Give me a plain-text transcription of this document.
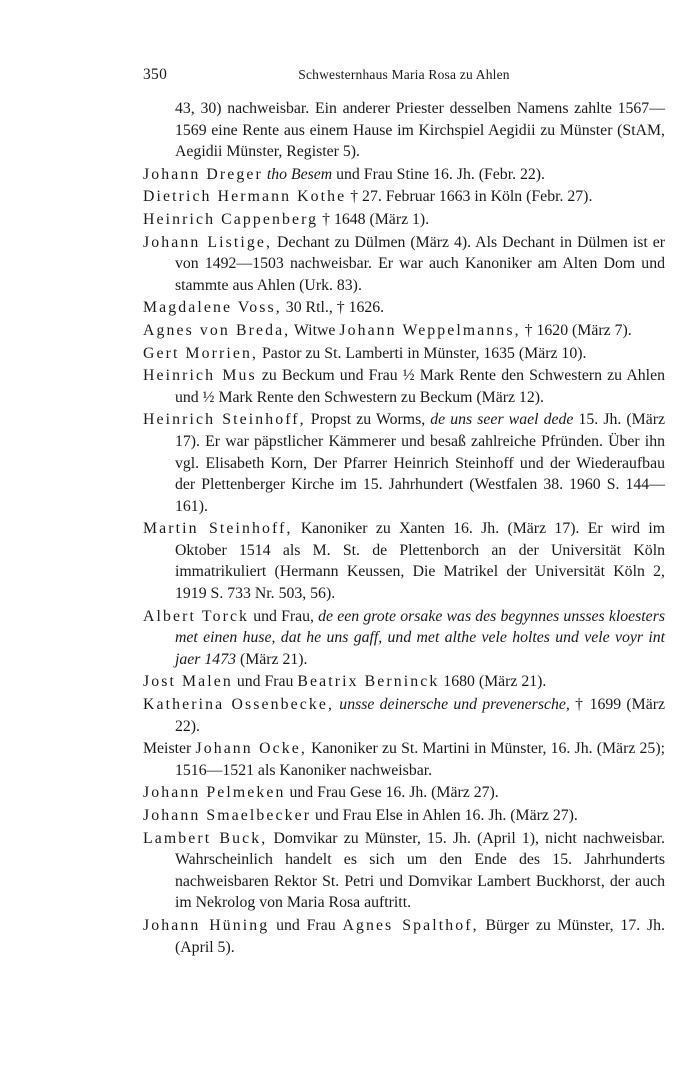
350	Schwesternhaus Maria Rosa zu Ahlen

43, 30) nachweisbar. Ein anderer Priester desselben Namens zahlte 1567—1569 eine Rente aus einem Hause im Kirchspiel Aegidii zu Münster (StAM, Aegidii Münster, Register 5).

Johann Dreger tho Besem und Frau Stine 16. Jh. (Febr. 22).

Dietrich Hermann Kothe † 27. Februar 1663 in Köln (Febr. 27).

Heinrich Cappenberg † 1648 (März 1).

Johann Listige, Dechant zu Dülmen (März 4). Als Dechant in Dülmen ist er von 1492—1503 nachweisbar. Er war auch Kanoniker am Alten Dom und stammte aus Ahlen (Urk. 83).

Magdalene Voss, 30 Rtl., † 1626.

Agnes von Breda, Witwe Johann Weppelmanns, † 1620 (März 7).

Gert Morrien, Pastor zu St. Lamberti in Münster, 1635 (März 10).

Heinrich Mus zu Beckum und Frau ½ Mark Rente den Schwestern zu Ahlen und ½ Mark Rente den Schwestern zu Beckum (März 12).

Heinrich Steinhoff, Propst zu Worms, de uns seer wael dede 15. Jh. (März 17). Er war päpstlicher Kämmerer und besaß zahlreiche Pfründen. Über ihn vgl. Elisabeth Korn, Der Pfarrer Heinrich Steinhoff und der Wiederaufbau der Plettenberger Kirche im 15. Jahrhundert (Westfalen 38. 1960 S. 144—161).

Martin Steinhoff, Kanoniker zu Xanten 16. Jh. (März 17). Er wird im Oktober 1514 als M. St. de Plettenborch an der Universität Köln immatrikuliert (Hermann Keussen, Die Matrikel der Universität Köln 2, 1919 S. 733 Nr. 503, 56).

Albert Torck und Frau, de een grote orsake was des begynnes unsses kloesters met einen huse, dat he uns gaff, und met althe vele holtes und vele voyr int jaer 1473 (März 21).

Jost Malen und Frau Beatrix Berninck 1680 (März 21).

Katherina Ossenbecke, unsse deinersche und prevenersche, † 1699 (März 22).

Meister Johann Ocke, Kanoniker zu St. Martini in Münster, 16. Jh. (März 25); 1516—1521 als Kanoniker nachweisbar.

Johann Pelmeken und Frau Gese 16. Jh. (März 27).

Johann Smaelbecker und Frau Else in Ahlen 16. Jh. (März 27).

Lambert Buck, Domvikar zu Münster, 15. Jh. (April 1), nicht nachweisbar. Wahrscheinlich handelt es sich um den Ende des 15. Jahrhunderts nachweisbaren Rektor St. Petri und Domvikar Lambert Buckhorst, der auch im Nekrolog von Maria Rosa auftritt.

Johann Hüning und Frau Agnes Spalthof, Bürger zu Münster, 17. Jh. (April 5).
